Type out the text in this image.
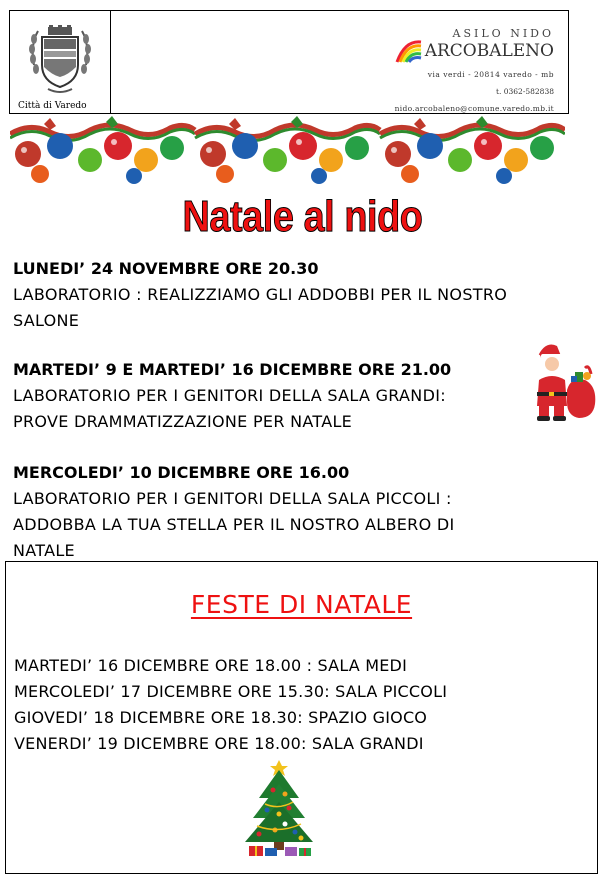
Città di Varedo
ASILO NIDO
ARCOBALENO
via verdi - 20814 varedo - mb
t. 0362-582838
nido.arcobaleno@comune.varedo.mb.it
Natale al nido
LUNEDI’ 24 NOVEMBRE ORE 20.30
LABORATORIO : REALIZZIAMO GLI ADDOBBI PER IL NOSTRO
SALONE
MARTEDI’ 9 E MARTEDI’ 16 DICEMBRE ORE 21.00
LABORATORIO PER I GENITORI DELLA SALA GRANDI:
PROVE DRAMMATIZZAZIONE PER NATALE
MERCOLEDI’ 10 DICEMBRE ORE 16.00
LABORATORIO PER I GENITORI DELLA SALA PICCOLI :
ADDOBBA LA TUA STELLA PER IL NOSTRO ALBERO DI
NATALE
FESTE DI NATALE
MARTEDI’ 16 DICEMBRE ORE 18.00 : SALA MEDI
MERCOLEDI’ 17 DICEMBRE ORE 15.30: SALA PICCOLI
GIOVEDI’ 18 DICEMBRE ORE 18.30: SPAZIO GIOCO
VENERDI’ 19 DICEMBRE ORE 18.00: SALA GRANDI
